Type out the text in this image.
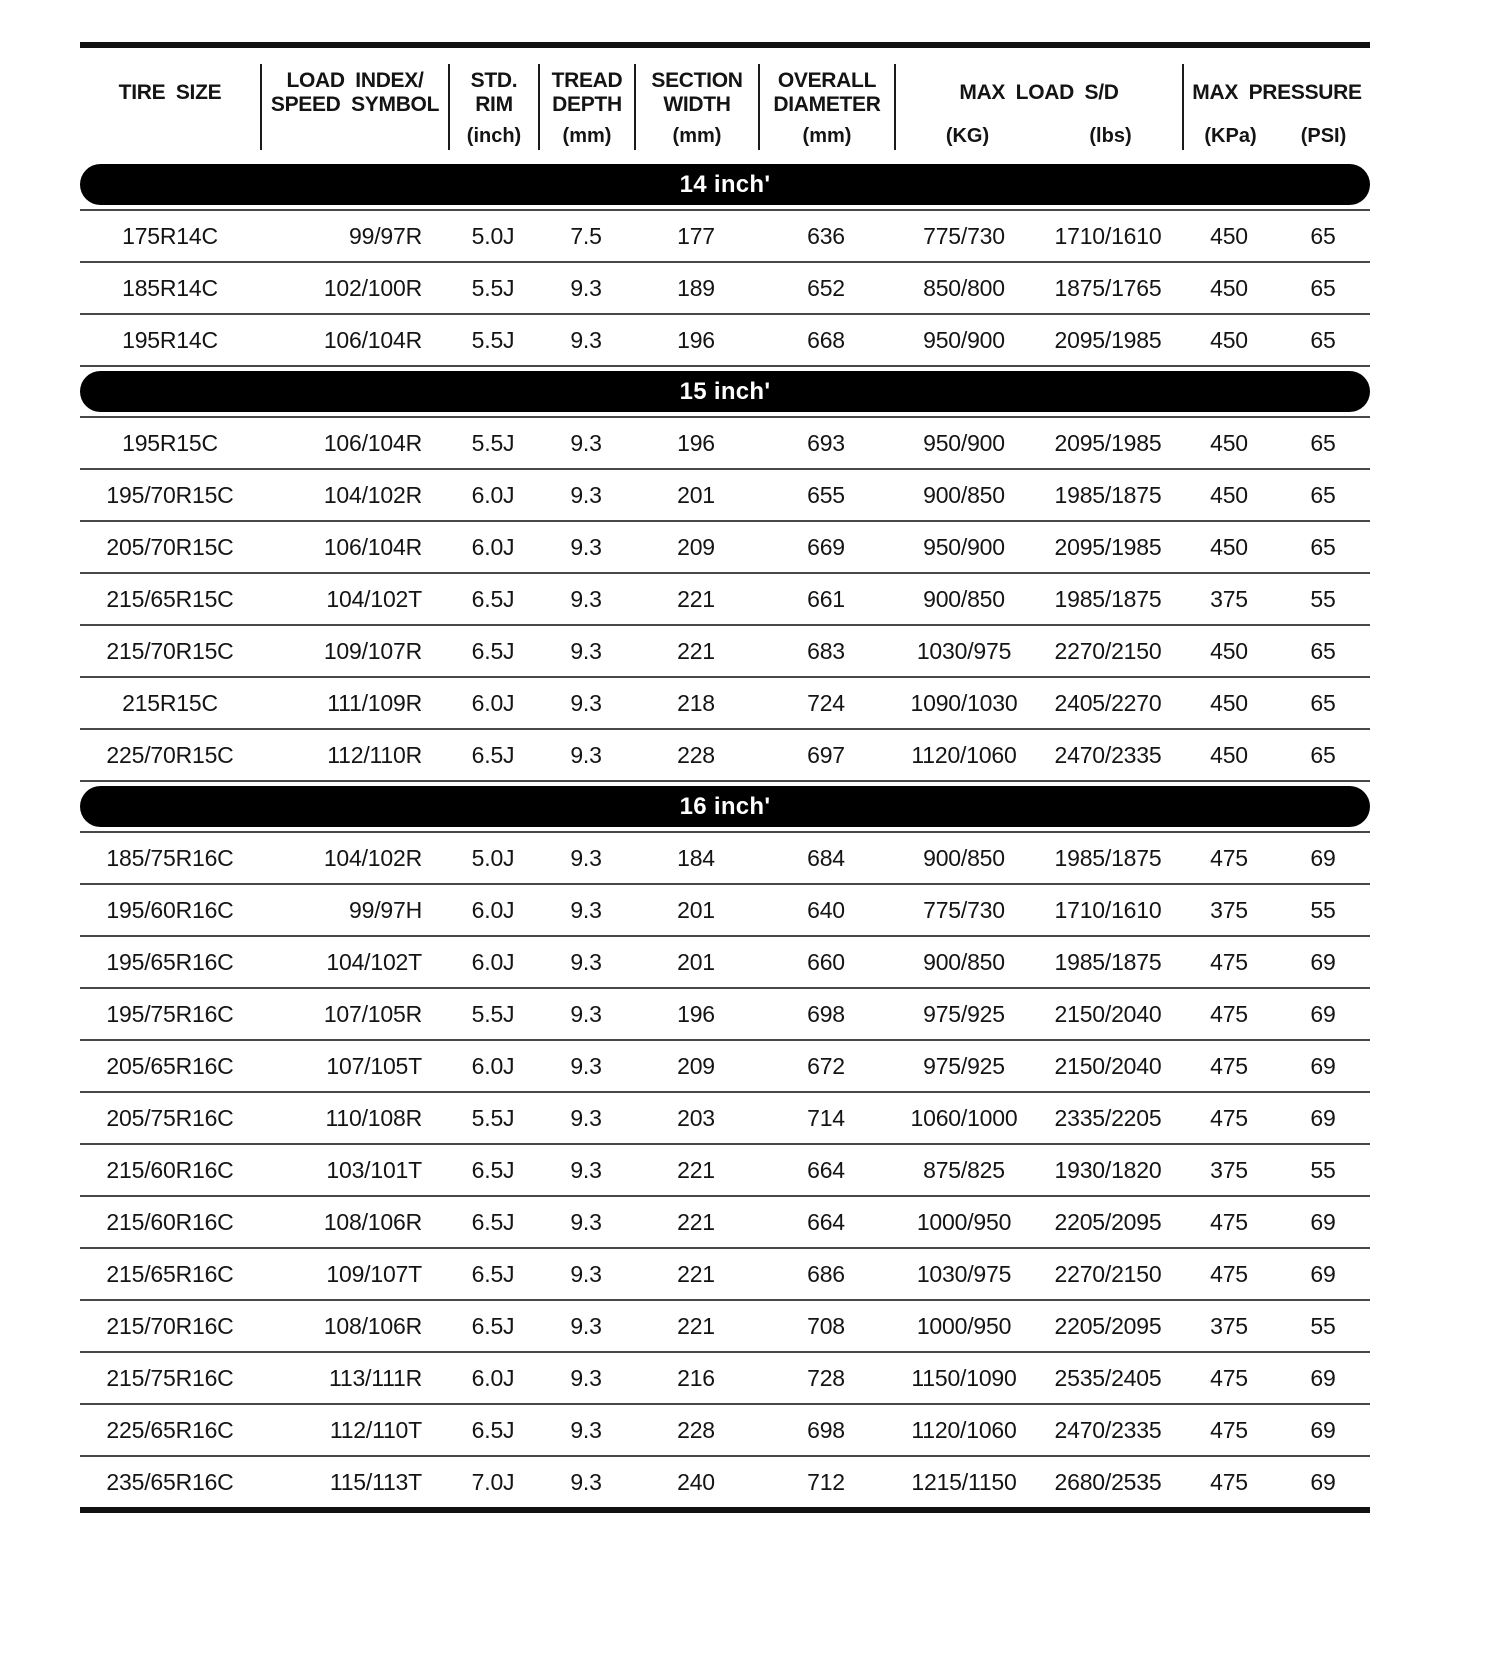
TIRE SIZE
LOAD INDEX/
SPEED SYMBOL
STD.
RIM
(inch)
TREAD
DEPTH
(mm)
SECTION
WIDTH
(mm)
OVERALL
DIAMETER
(mm)
MAX LOAD S/D
(KG)	(lbs)
MAX PRESSURE
(KPa)	(PSI)
14 inch'
175R14C	99/97R	5.0J	7.5	177	636	775/730	1710/1610	450	65
185R14C	102/100R	5.5J	9.3	189	652	850/800	1875/1765	450	65
195R14C	106/104R	5.5J	9.3	196	668	950/900	2095/1985	450	65
15 inch'
195R15C	106/104R	5.5J	9.3	196	693	950/900	2095/1985	450	65
195/70R15C	104/102R	6.0J	9.3	201	655	900/850	1985/1875	450	65
205/70R15C	106/104R	6.0J	9.3	209	669	950/900	2095/1985	450	65
215/65R15C	104/102T	6.5J	9.3	221	661	900/850	1985/1875	375	55
215/70R15C	109/107R	6.5J	9.3	221	683	1030/975	2270/2150	450	65
215R15C	111/109R	6.0J	9.3	218	724	1090/1030	2405/2270	450	65
225/70R15C	112/110R	6.5J	9.3	228	697	1120/1060	2470/2335	450	65
16 inch'
185/75R16C	104/102R	5.0J	9.3	184	684	900/850	1985/1875	475	69
195/60R16C	99/97H	6.0J	9.3	201	640	775/730	1710/1610	375	55
195/65R16C	104/102T	6.0J	9.3	201	660	900/850	1985/1875	475	69
195/75R16C	107/105R	5.5J	9.3	196	698	975/925	2150/2040	475	69
205/65R16C	107/105T	6.0J	9.3	209	672	975/925	2150/2040	475	69
205/75R16C	110/108R	5.5J	9.3	203	714	1060/1000	2335/2205	475	69
215/60R16C	103/101T	6.5J	9.3	221	664	875/825	1930/1820	375	55
215/60R16C	108/106R	6.5J	9.3	221	664	1000/950	2205/2095	475	69
215/65R16C	109/107T	6.5J	9.3	221	686	1030/975	2270/2150	475	69
215/70R16C	108/106R	6.5J	9.3	221	708	1000/950	2205/2095	375	55
215/75R16C	113/111R	6.0J	9.3	216	728	1150/1090	2535/2405	475	69
225/65R16C	112/110T	6.5J	9.3	228	698	1120/1060	2470/2335	475	69
235/65R16C	115/113T	7.0J	9.3	240	712	1215/1150	2680/2535	475	69
